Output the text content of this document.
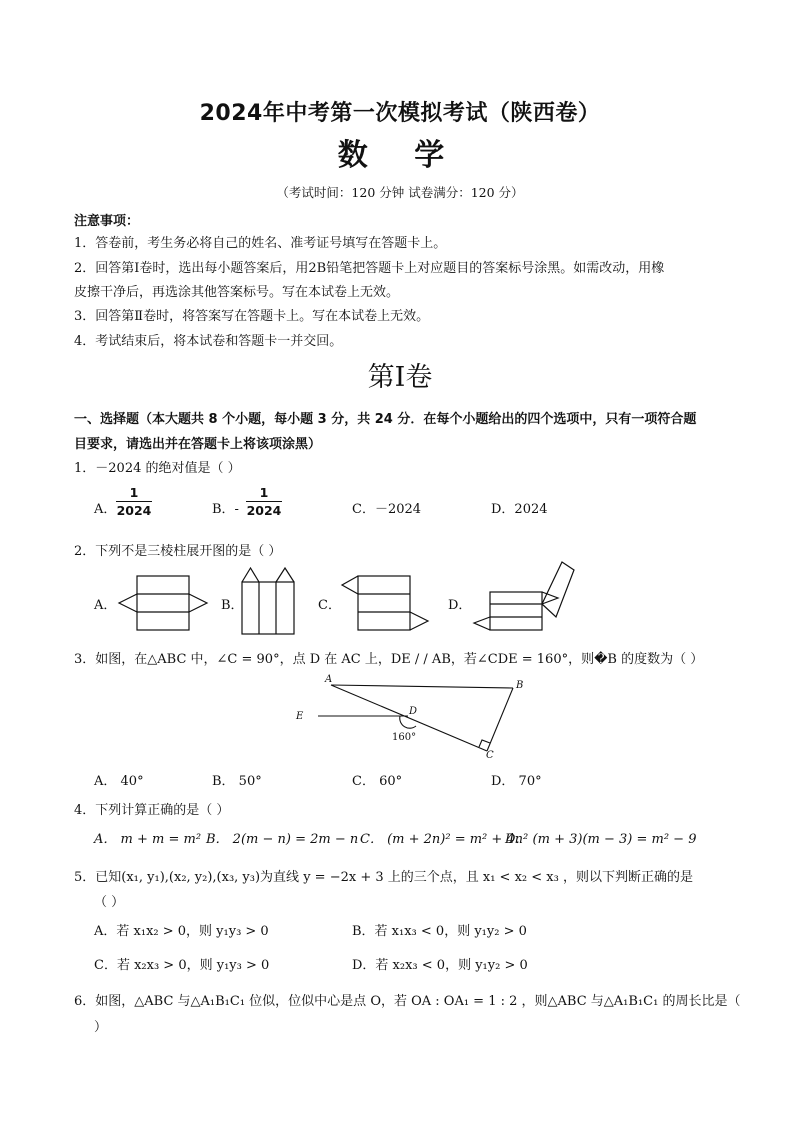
2024年中考第一次模拟考试（陕西卷）
数 学
（考试时间：120 分钟 试卷满分：120 分）
注意事项：
1．答卷前，考生务必将自己的姓名、准考证号填写在答题卡上。
2．回答第Ⅰ卷时，选出每小题答案后，用2B铅笔把答题卡上对应题目的答案标号涂黑。如需改动，用橡
皮擦干净后，再选涂其他答案标号。写在本试卷上无效。
3．回答第Ⅱ卷时，将答案写在答题卡上。写在本试卷上无效。
4．考试结束后，将本试卷和答题卡一并交回。
第Ⅰ卷
一、选择题（本大题共 8 个小题，每小题 3 分，共 24 分．在每个小题给出的四个选项中，只有一项符合题
目要求，请选出并在答题卡上将该项涂黑）
1．－2024 的绝对值是（ ）
A．
1
2024	B．-
1
2024	C．－2024	D．2024
2．下列不是三棱柱展开图的是（ ）
A．	B．	C．	D．
3．如图，在△ABC 中，∠C = 90°，点 D 在 AC 上，DE / / AB，若∠CDE = 160°，则�B 的度数为（ ）
A
B
C
D
E
160°
A． 40°	B． 50°	C． 60°	D． 70°
4．下列计算正确的是（ ）
A． m + m = m² B． 2(m − n) = 2m − n C． (m + 2n)² = m² + 4n²
D． (m + 3)(m − 3) = m² − 9
5．已知(x₁, y₁),(x₂, y₂),(x₃, y₃)为直线 y = −2x + 3 上的三个点，且 x₁ < x₂ < x₃ ，则以下判断正确的是
（ ）
A．若 x₁x₂ > 0，则 y₁y₃ > 0	B．若 x₁x₃ < 0，则 y₁y₂ > 0
C．若 x₂x₃ > 0，则 y₁y₃ > 0	D．若 x₂x₃ < 0，则 y₁y₂ > 0
6．如图，△ABC 与△A₁B₁C₁ 位似，位似中心是点 O，若 OA : OA₁ = 1 : 2 ，则△ABC 与△A₁B₁C₁ 的周长比是（
）
